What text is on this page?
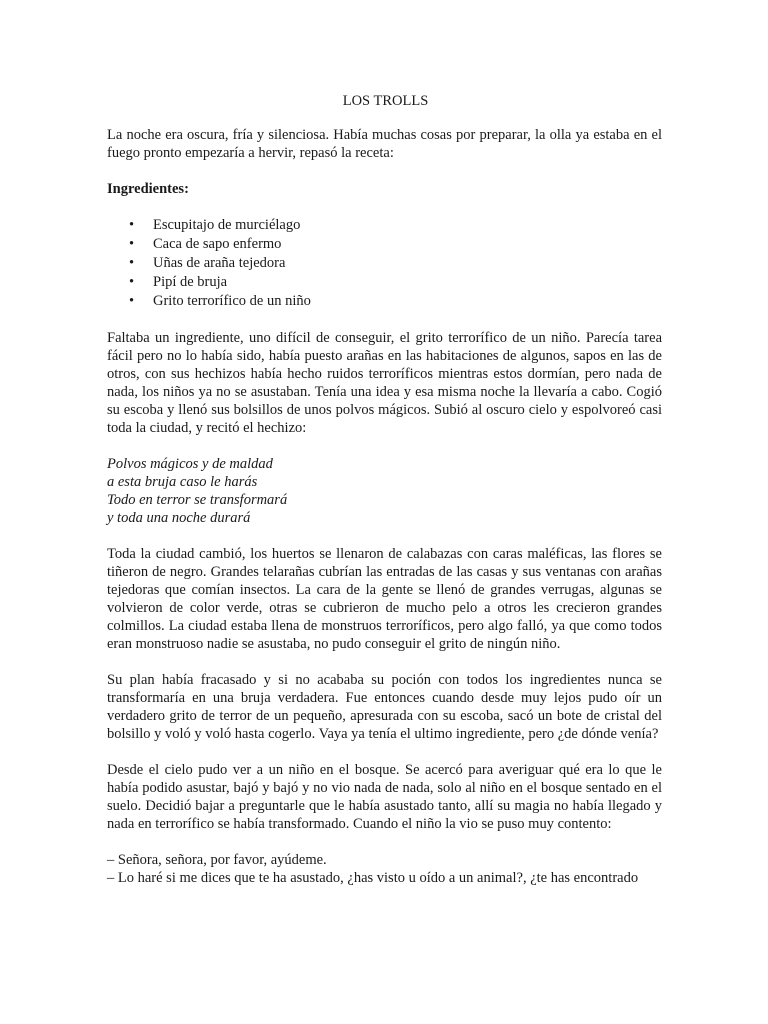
LOS TROLLS

La noche era oscura, fría y silenciosa. Había muchas cosas por preparar, la olla ya estaba en el fuego pronto empezaría a hervir, repasó la receta:

Ingredientes:
• Escupitajo de murciélago
• Caca de sapo enfermo
• Uñas de araña tejedora
• Pipí de bruja
• Grito terrorífico de un niño

Faltaba un ingrediente, uno difícil de conseguir, el grito terrorífico de un niño. Parecía tarea fácil pero no lo había sido, había puesto arañas en las habitaciones de algunos, sapos en las de otros, con sus hechizos había hecho ruidos terroríficos mientras estos dormían, pero nada de nada, los niños ya no se asustaban. Tenía una idea y esa misma noche la llevaría a cabo. Cogió su escoba y llenó sus bolsillos de unos polvos mágicos. Subió al oscuro cielo y espolvoreó casi toda la ciudad, y recitó el hechizo:

Polvos mágicos y de maldad
a esta bruja caso le harás
Todo en terror se transformará
y toda una noche durará

Toda la ciudad cambió, los huertos se llenaron de calabazas con caras maléficas, las flores se tiñeron de negro. Grandes telarañas cubrían las entradas de las casas y sus ventanas con arañas tejedoras que comían insectos. La cara de la gente se llenó de grandes verrugas, algunas se volvieron de color verde, otras se cubrieron de mucho pelo a otros les crecieron grandes colmillos. La ciudad estaba llena de monstruos terroríficos, pero algo falló, ya que como todos eran monstruoso nadie se asustaba, no pudo conseguir el grito de ningún niño.

Su plan había fracasado y si no acababa su poción con todos los ingredientes nunca se transformaría en una bruja verdadera. Fue entonces cuando desde muy lejos pudo oír un verdadero grito de terror de un pequeño, apresurada con su escoba, sacó un bote de cristal del bolsillo y voló y voló hasta cogerlo. Vaya ya tenía el ultimo ingrediente, pero ¿de dónde venía?

Desde el cielo pudo ver a un niño en el bosque. Se acercó para averiguar qué era lo que le había podido asustar, bajó y bajó y no vio nada de nada, solo al niño en el bosque sentado en el suelo. Decidió bajar a preguntarle que le había asustado tanto, allí su magia no había llegado y nada en terrorífico se había transformado. Cuando el niño la vio se puso muy contento:

– Señora, señora, por favor, ayúdeme.
– Lo haré si me dices que te ha asustado, ¿has visto u oído a un animal?, ¿te has encontrado
